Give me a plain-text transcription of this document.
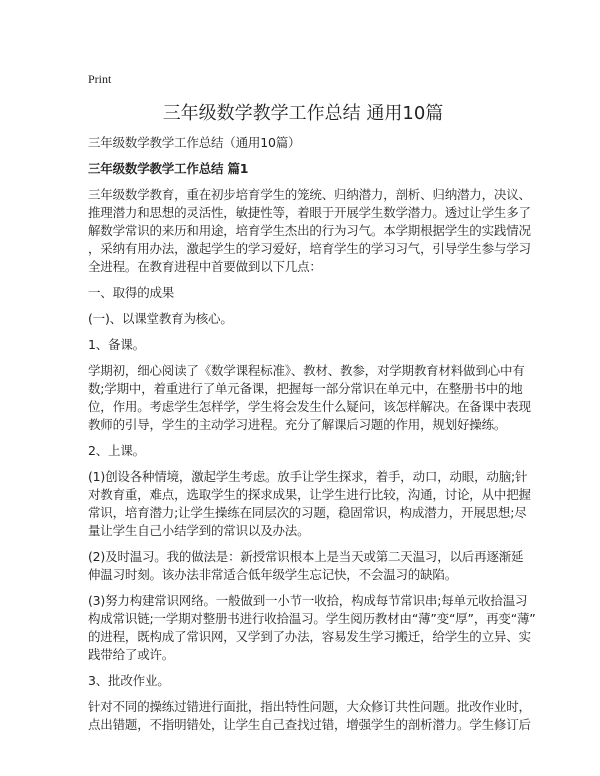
Print
三年级数学教学工作总结 通用10篇
三年级数学教学工作总结（通用10篇）
三年级数学教学工作总结 篇1
三年级数学教育，重在初步培育学生的笼统、归纳潜力，剖析、归纳潜力，决议、
推理潜力和思想的灵活性，敏捷性等，着眼于开展学生数学潜力。透过让学生多了
解数学常识的来历和用途，培育学生杰出的行为习气。本学期根据学生的实践情况
，采纳有用办法，激起学生的学习爱好，培育学生的学习习气，引导学生参与学习
全进程。在教育进程中首要做到以下几点：
一、取得的成果
(一)、以课堂教育为核心。
1、备课。
学期初，细心阅读了《数学课程标准》、教材、教参，对学期教育材料做到心中有
数;学期中，着重进行了单元备课，把握每一部分常识在单元中，在整册书中的地
位，作用。考虑学生怎样学，学生将会发生什么疑问，该怎样解决。在备课中表现
教师的引导，学生的主动学习进程。充分了解课后习题的作用，规划好操练。
2、上课。
(1)创设各种情境，激起学生考虑。放手让学生探求，着手，动口，动眼，动脑;针
对教育重，难点，选取学生的探求成果，让学生进行比较，沟通，讨论，从中把握
常识，培育潜力;让学生操练在同层次的习题，稳固常识，构成潜力，开展思想;尽
量让学生自己小结学到的常识以及办法。
(2)及时温习。我的做法是：新授常识根本上是当天或第二天温习，以后再逐渐延
伸温习时刻。该办法非常适合低年级学生忘记快，不会温习的缺陷。
(3)努力构建常识网络。一般做到一小节一收拾，构成每节常识串;每单元收拾温习
构成常识链;一学期对整册书进行收拾温习。学生阅历教材由“薄”变“厚”，再变“薄”
的进程，既构成了常识网，又学到了办法，容易发生学习搬迁，给学生的立异、实
践带给了或许。
3、批改作业。
针对不同的操练过错进行面批，指出特性问题，大众修订共性问题。批改作业时，
点出错题，不指明错处，让学生自己查找过错，增强学生的剖析潜力。学生修订后
